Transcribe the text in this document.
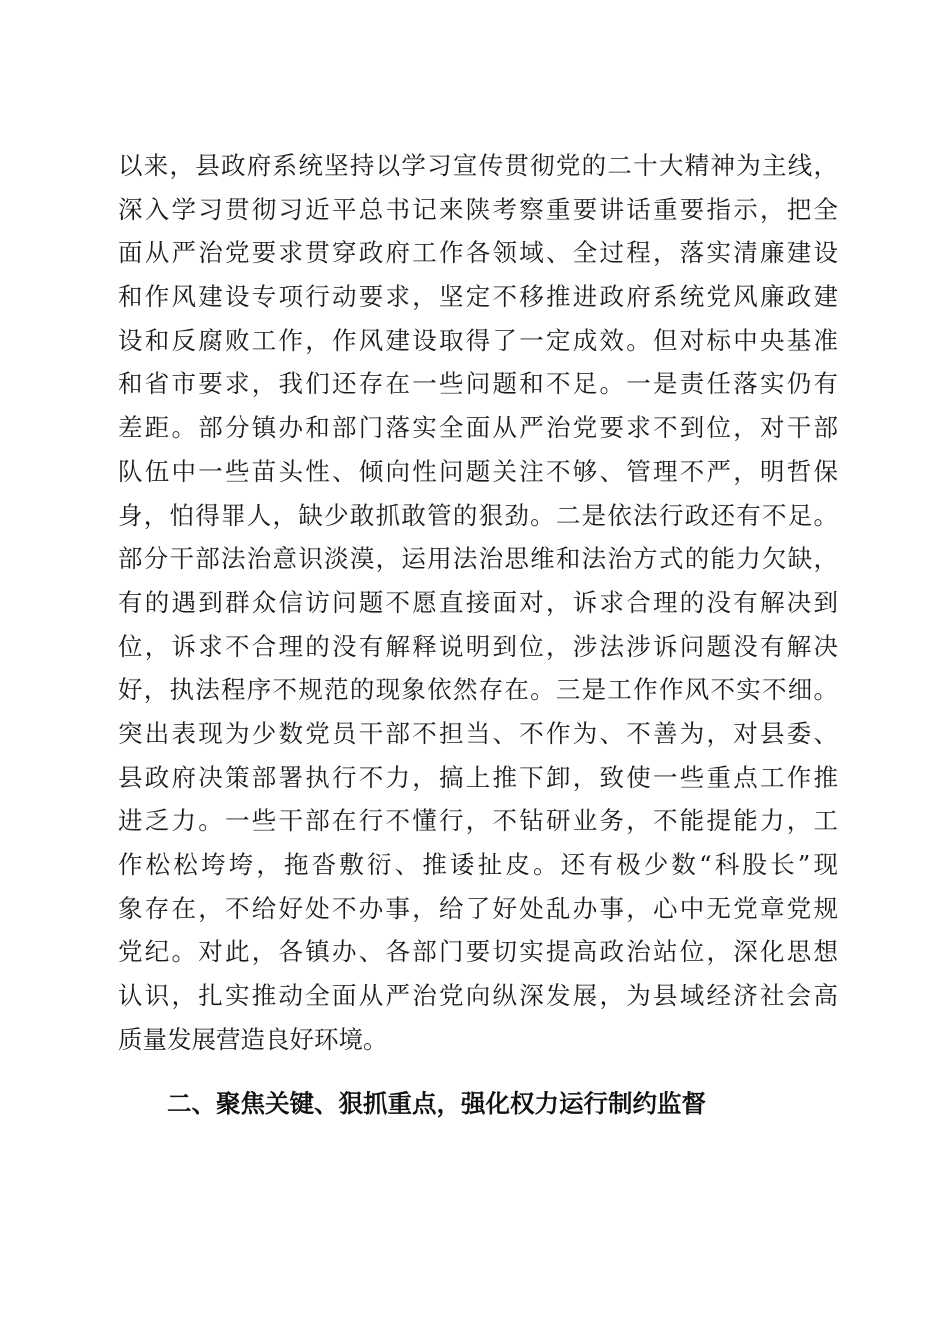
以来，县政府系统坚持以学习宣传贯彻党的二十大精神为主线，
深入学习贯彻习近平总书记来陕考察重要讲话重要指示，把全
面从严治党要求贯穿政府工作各领域、全过程，落实清廉建设
和作风建设专项行动要求，坚定不移推进政府系统党风廉政建
设和反腐败工作，作风建设取得了一定成效。但对标中央基准
和省市要求，我们还存在一些问题和不足。一是责任落实仍有
差距。部分镇办和部门落实全面从严治党要求不到位，对干部
队伍中一些苗头性、倾向性问题关注不够、管理不严，明哲保
身，怕得罪人，缺少敢抓敢管的狠劲。二是依法行政还有不足。
部分干部法治意识淡漠，运用法治思维和法治方式的能力欠缺，
有的遇到群众信访问题不愿直接面对，诉求合理的没有解决到
位，诉求不合理的没有解释说明到位，涉法涉诉问题没有解决
好，执法程序不规范的现象依然存在。三是工作作风不实不细。
突出表现为少数党员干部不担当、不作为、不善为，对县委、
县政府决策部署执行不力，搞上推下卸，致使一些重点工作推
进乏力。一些干部在行不懂行，不钻研业务，不能提能力，工
作松松垮垮，拖沓敷衍、推诿扯皮。还有极少数“科股长”现
象存在，不给好处不办事，给了好处乱办事，心中无党章党规
党纪。对此，各镇办、各部门要切实提高政治站位，深化思想
认识，扎实推动全面从严治党向纵深发展，为县域经济社会高
质量发展营造良好环境。
二、聚焦关键、狠抓重点，强化权力运行制约监督
